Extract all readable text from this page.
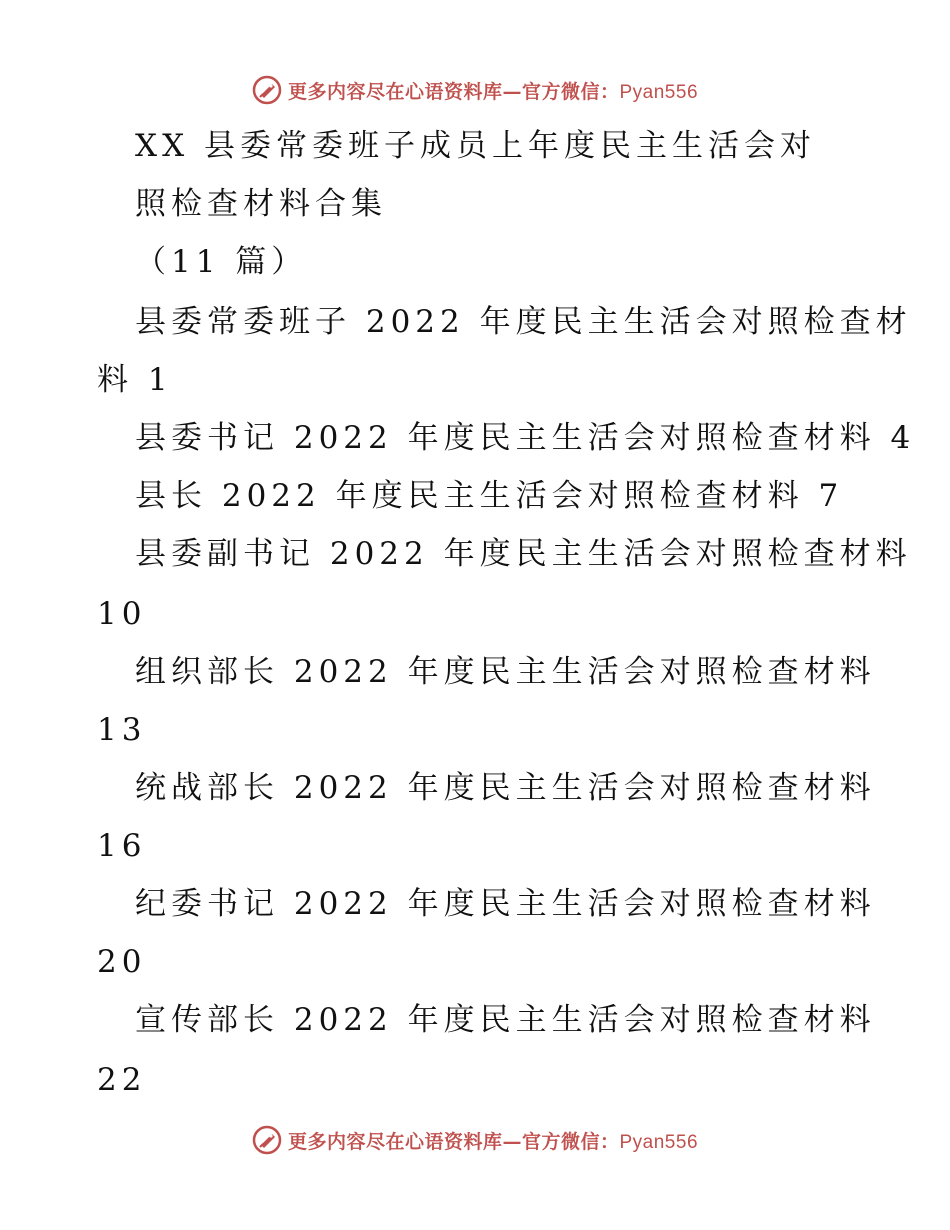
更多内容尽在心语资料库—官方微信：Pyan556
XX 县委常委班子成员上年度民主生活会对
照检查材料合集
（11 篇）
县委常委班子 2022 年度民主生活会对照检查材
料 1
县委书记 2022 年度民主生活会对照检查材料 4
县长 2022 年度民主生活会对照检查材料 7
县委副书记 2022 年度民主生活会对照检查材料
10
组织部长 2022 年度民主生活会对照检查材料
13
统战部长 2022 年度民主生活会对照检查材料
16
纪委书记 2022 年度民主生活会对照检查材料
20
宣传部长 2022 年度民主生活会对照检查材料
22
更多内容尽在心语资料库—官方微信：Pyan556
